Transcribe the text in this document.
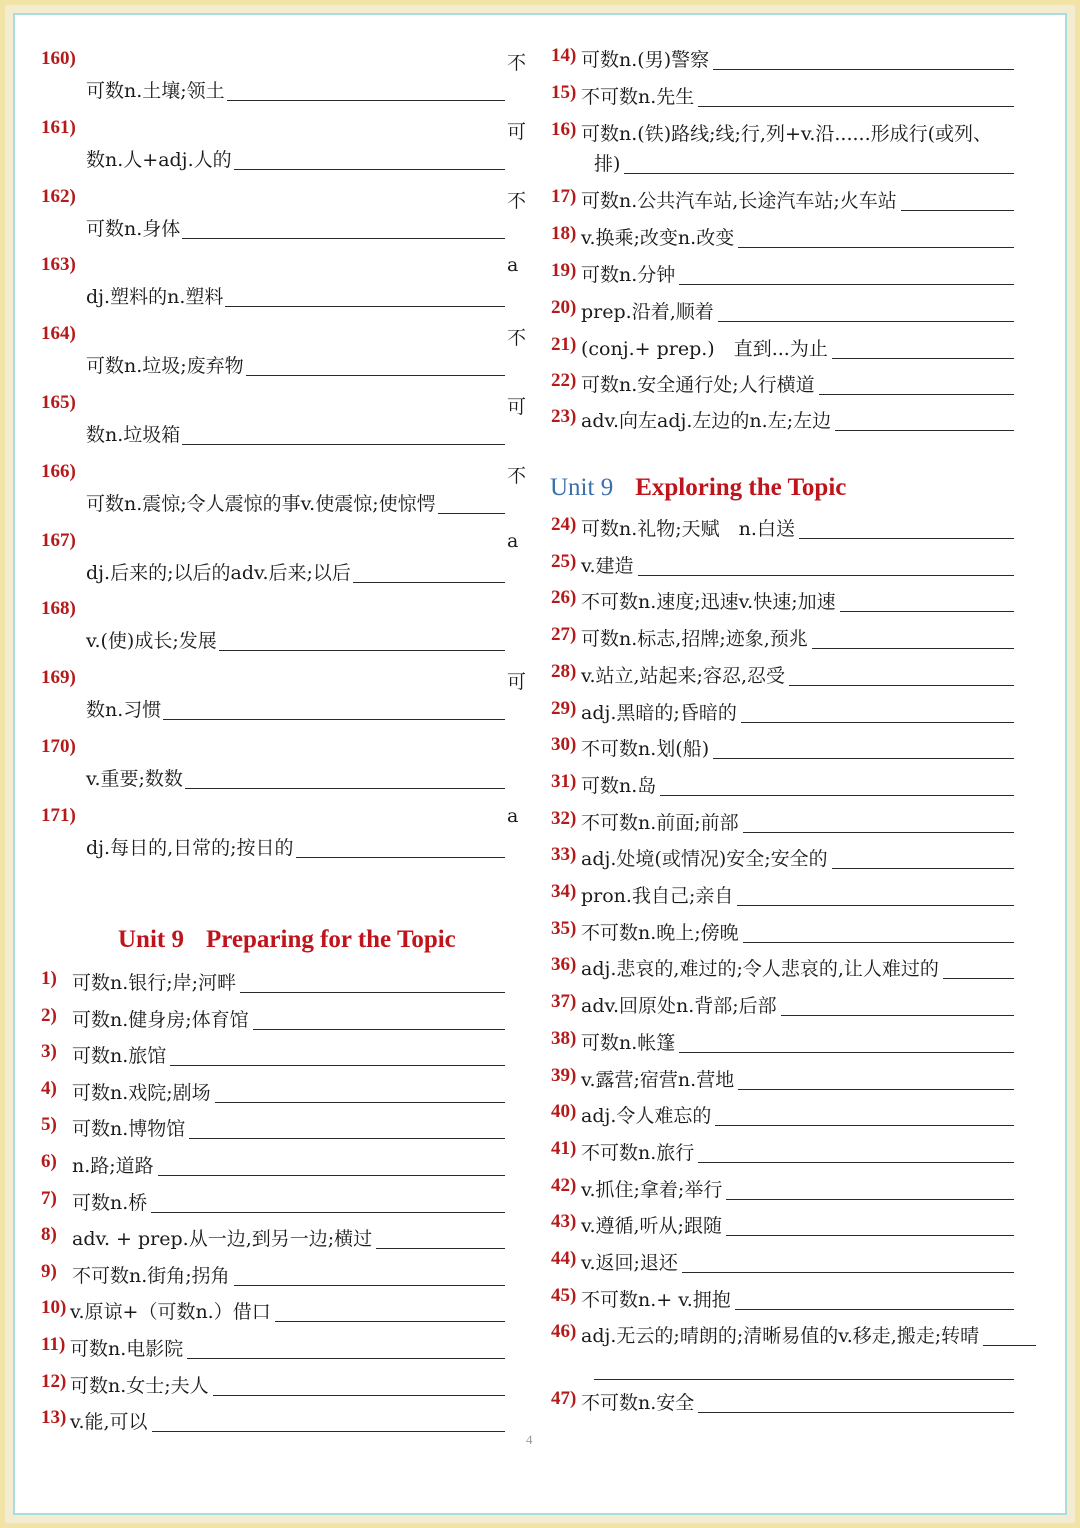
160)	不
可数n.土壤;领土
161)	可
数n.人+adj.人的
162)	不
可数n.身体
163)	a
dj.塑料的n.塑料
164)	不
可数n.垃圾;废弃物
165)	可
数n.垃圾箱
166)	不
可数n.震惊;令人震惊的事v.使震惊;使惊愕
167)	a
dj.后来的;以后的adv.后来;以后
168)
v.(使)成长;发展
169)	可
数n.习惯
170)
v.重要;数数
171)	a
dj.每日的,日常的;按日的
Unit 9 Preparing for the Topic
1) 可数n.银行;岸;河畔
2) 可数n.健身房;体育馆
3) 可数n.旅馆
4) 可数n.戏院;剧场
5) 可数n.博物馆
6) n.路;道路
7) 可数n.桥
8) adv. + prep.从一边,到另一边;横过
9) 不可数n.街角;拐角
10) v.原谅+（可数n.）借口
11) 可数n.电影院
12) 可数n.女士;夫人
13) v.能,可以
14) 可数n.(男)警察
15) 不可数n.先生
16) 可数n.(铁)路线;线;行,列+v.沿......形成行(或列、
排)
17) 可数n.公共汽车站,长途汽车站;火车站
18) v.换乘;改变n.改变
19) 可数n.分钟
20) prep.沿着,顺着
21) (conj.+ prep.)　直到...为止
22) 可数n.安全通行处;人行横道
23) adv.向左adj.左边的n.左;左边
Unit 9 Exploring the Topic
24) 可数n.礼物;天赋　n.白送
25) v.建造
26) 不可数n.速度;迅速v.快速;加速
27) 可数n.标志,招牌;迹象,预兆
28) v.站立,站起来;容忍,忍受
29) adj.黑暗的;昏暗的
30) 不可数n.划(船)
31) 可数n.岛
32) 不可数n.前面;前部
33) adj.处境(或情况)安全;安全的
34) pron.我自己;亲自
35) 不可数n.晚上;傍晚
36) adj.悲哀的,难过的;令人悲哀的,让人难过的
37) adv.回原处n.背部;后部
38) 可数n.帐篷
39) v.露营;宿营n.营地
40) adj.令人难忘的
41) 不可数n.旅行
42) v.抓住;拿着;举行
43) v.遵循,听从;跟随
44) v.返回;退还
45) 不可数n.+ v.拥抱
46) adj.无云的;晴朗的;清晰易值的v.移走,搬走;转晴
47) 不可数n.安全
4
